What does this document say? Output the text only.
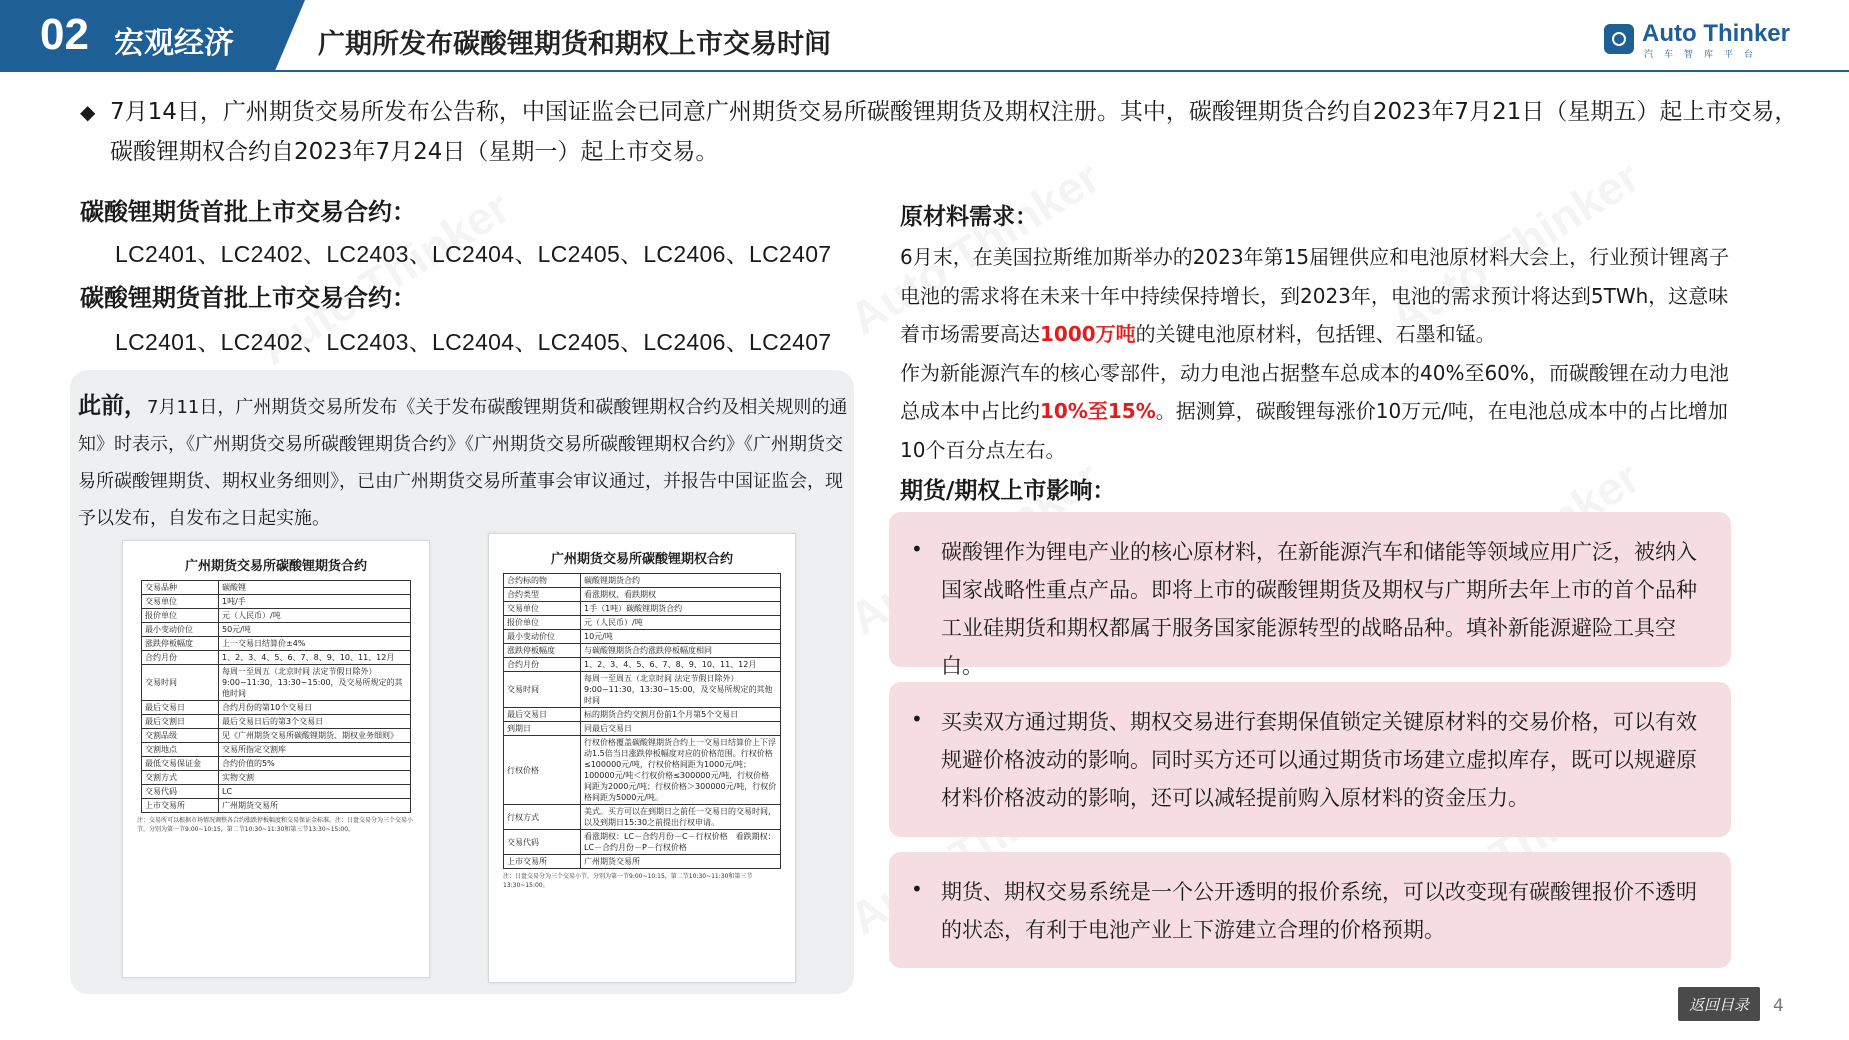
02 宏观经济	广期所发布碳酸锂期货和期权上市交易时间	Auto Thinker
汽车智库平台
◆ 7月14日，广州期货交易所发布公告称，中国证监会已同意广州期货交易所碳酸锂期货及期权注册。其中，碳酸锂期货合约自2023年7月21日（星期五）起上市交易，碳酸锂期权合约自2023年7月24日（星期一）起上市交易。
碳酸锂期货首批上市交易合约：
LC2401、LC2402、LC2403、LC2404、LC2405、LC2406、LC2407
碳酸锂期货首批上市交易合约：
LC2401、LC2402、LC2403、LC2404、LC2405、LC2406、LC2407
此前，7月11日，广州期货交易所发布《关于发布碳酸锂期货和碳酸锂期权合约及相关规则的通知》时表示，《广州期货交易所碳酸锂期货合约》《广州期货交易所碳酸锂期权合约》《广州期货交易所碳酸锂期货、期权业务细则》，已由广州期货交易所董事会审议通过，并报告中国证监会，现予以发布，自发布之日起实施。
广州期货交易所碳酸锂期货合约
交易品种	碳酸锂
交易单位	1吨/手
报价单位	元（人民币）/吨
最小变动价位	50元/吨
涨跌停板幅度	上一交易日结算价±4%
合约月份	1、2、3、4、5、6、7、8、9、10、11、12月
交易时间	每周一至周五（北京时间 法定节假日除外）9:00~11:30，13:30~15:00，及交易所规定的其他时间
最后交易日	合约月份的第10个交易日
最后交割日	最后交易日后的第3个交易日
交割品级	见《广州期货交易所碳酸锂期货、期权业务细则》
交割地点	交易所指定交割库
最低交易保证金	合约价值的5%
交割方式	实物交割
交易代码	LC
上市交易所	广州期货交易所
注：交易所可以根据市场情况调整各合约涨跌停板幅度和交易保证金标准。注：日盘交易分为三个交易小节，分别为第一节9:00~10:15，第二节10:30~11:30和第三节13:30~15:00。
广州期货交易所碳酸锂期权合约
合约标的物	碳酸锂期货合约
合约类型	看涨期权、看跌期权
交易单位	1手（1吨）碳酸锂期货合约
报价单位	元（人民币）/吨
最小变动价位	10元/吨
涨跌停板幅度	与碳酸锂期货合约涨跌停板幅度相同
合约月份	1、2、3、4、5、6、7、8、9、10、11、12月
交易时间	每周一至周五（北京时间 法定节假日除外）9:00~11:30，13:30~15:00，及交易所规定的其他时间
最后交易日	标的期货合约交割月份前1个月第5个交易日
到期日	同最后交易日
行权价格	行权价格覆盖碳酸锂期货合约上一交易日结算价上下浮动1.5倍当日涨跌停板幅度对应的价格范围。行权价格≤100000元/吨，行权价格间距为1000元/吨；100000元/吨＜行权价格≤300000元/吨，行权价格间距为2000元/吨；行权价格＞300000元/吨，行权价格间距为5000元/吨。
行权方式	美式。买方可以在到期日之前任一交易日的交易时间，以及到期日15:30之前提出行权申请。
交易代码	看涨期权：LC－合约月份－C－行权价格　看跌期权：LC－合约月份－P－行权价格
上市交易所	广州期货交易所
注：日盘交易分为三个交易小节，分别为第一节9:00~10:15，第二节10:30~11:30和第三节13:30~15:00。
原材料需求：

6月末，在美国拉斯维加斯举办的2023年第15届锂供应和电池原材料大会上，行业预计锂离子电池的需求将在未来十年中持续保持增长，到2023年，电池的需求预计将达到5TWh，这意味着市场需要高达1000万吨的关键电池原材料，包括锂、石墨和锰。

作为新能源汽车的核心零部件，动力电池占据整车总成本的40%至60%，而碳酸锂在动力电池总成本中占比约10%至15%。据测算，碳酸锂每涨价10万元/吨，在电池总成本中的占比增加10个百分点左右。

期货/期权上市影响：
• 碳酸锂作为锂电产业的核心原材料，在新能源汽车和储能等领域应用广泛，被纳入国家战略性重点产品。即将上市的碳酸锂期货及期权与广期所去年上市的首个品种工业硅期货和期权都属于服务国家能源转型的战略品种。填补新能源避险工具空白。
• 买卖双方通过期货、期权交易进行套期保值锁定关键原材料的交易价格，可以有效规避价格波动的影响。同时买方还可以通过期货市场建立虚拟库存，既可以规避原材料价格波动的影响，还可以减轻提前购入原材料的资金压力。
• 期货、期权交易系统是一个公开透明的报价系统，可以改变现有碳酸锂报价不透明的状态，有利于电池产业上下游建立合理的价格预期。
返回目录	4
